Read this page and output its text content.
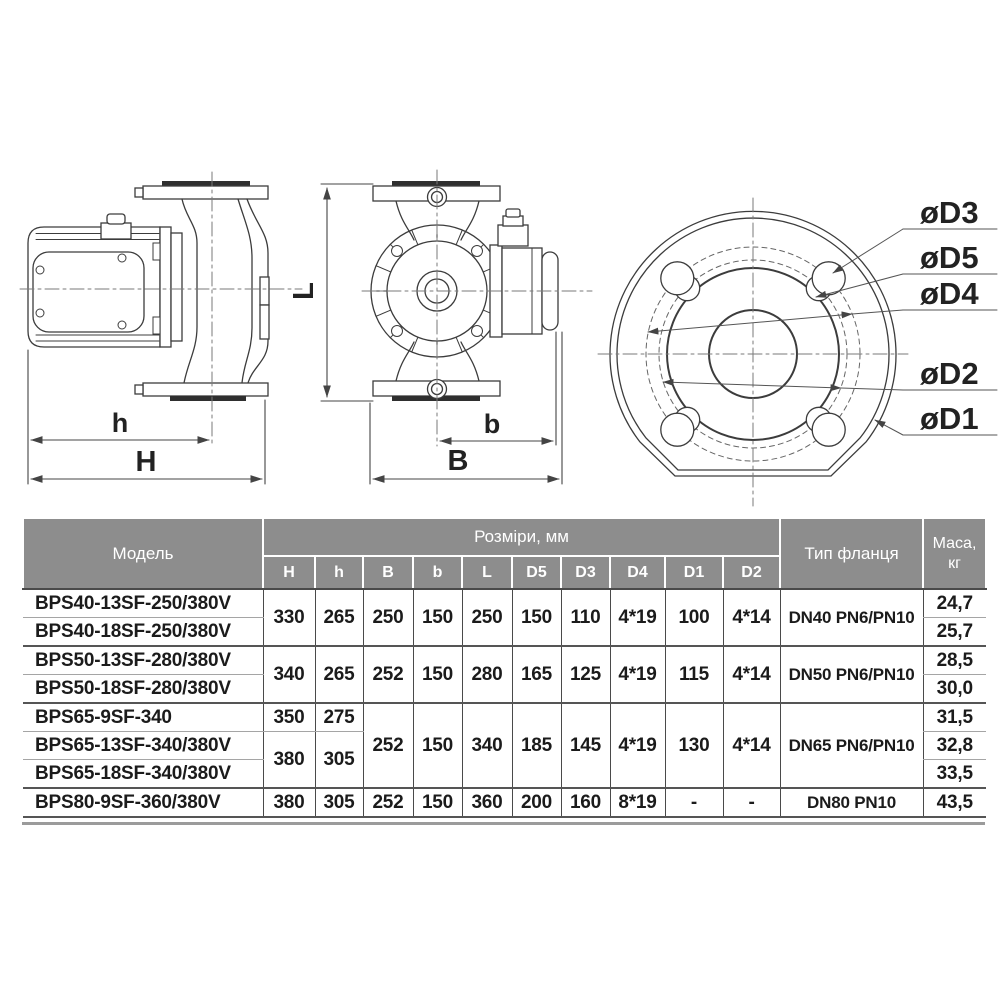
h
H
L
b
B
øD3
øD5
øD4
øD2
øD1
Модель	Розміри, мм										Тип фланця	Маса,
кг

	H	h	B	b	L	D5	D3	D4	D1	D2		
BPS40-13SF-250/380V	330	265	250	150	250	150	110	4*19	100	4*14	DN40 PN6/PN10	24,7
BPS40-18SF-250/380V												25,7
BPS50-13SF-280/380V	340	265	252	150	280	165	125	4*19	115	4*14	DN50 PN6/PN10	28,5
BPS50-18SF-280/380V												30,0
BPS65-9SF-340	350	275	252	150	340	185	145	4*19	130	4*14	DN65 PN6/PN10	31,5
BPS65-13SF-340/380V	380	305										32,8
BPS65-18SF-340/380V												33,5
BPS80-9SF-360/380V	380	305	252	150	360	200	160	8*19	-	-	DN80 PN10	43,5
